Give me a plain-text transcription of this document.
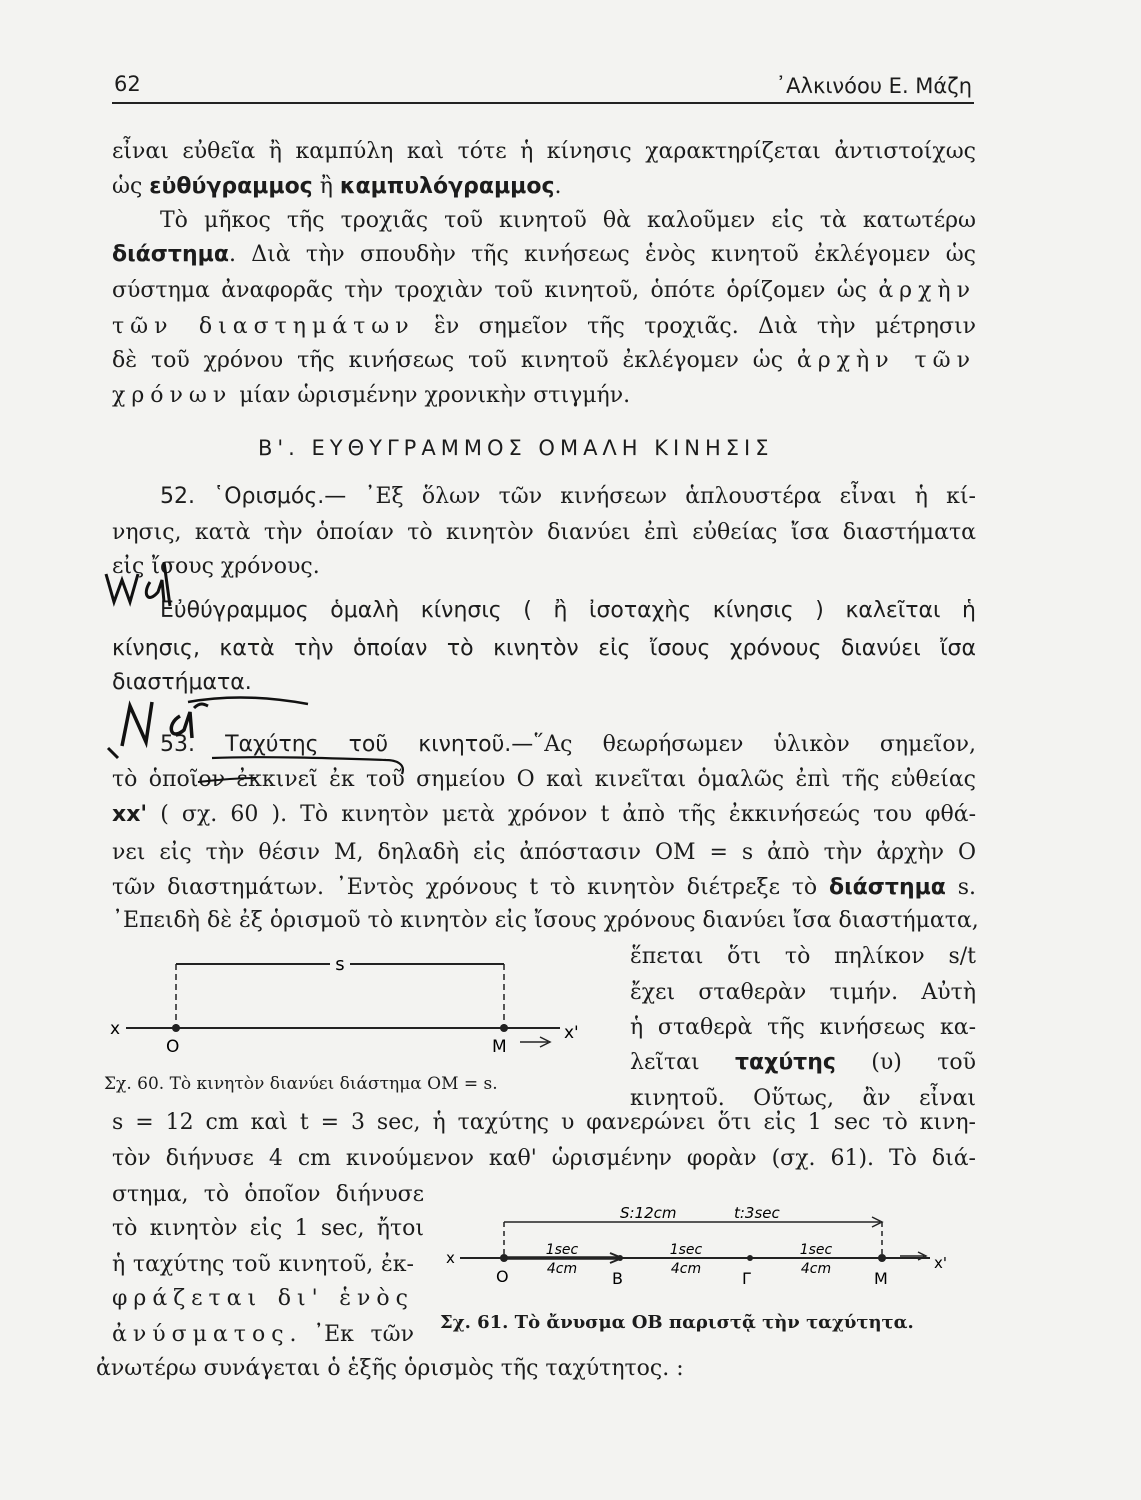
62	᾿Αλκινόου Ε. Μάζη
εἶναι εὐθεῖα ἢ καμπύλη καὶ τότε ἡ κίνησις χαρακτηρίζεται ἀντιστοίχως
ὡς εὐθύγραμμος ἢ καμπυλόγραμμος.
Τὸ μῆκος τῆς τροχιᾶς τοῦ κινητοῦ θὰ καλοῦμεν εἰς τὰ κατωτέρω
διάστημα. Διὰ τὴν σπουδὴν τῆς κινήσεως ἑνὸς κινητοῦ ἐκλέγομεν ὡς
σύστημα ἀναφορᾶς τὴν τροχιὰν τοῦ κινητοῦ, ὁπότε ὁρίζομεν ὡς ἀρχὴν
τῶν διαστημάτων ἓν σημεῖον τῆς τροχιᾶς. Διὰ τὴν μέτρησιν
δὲ τοῦ χρόνου τῆς κινήσεως τοῦ κινητοῦ ἐκλέγομεν ὡς ἀρχὴν τῶν
χρόνων μίαν ὡρισμένην χρονικὴν στιγμήν.
Β'. ΕΥΘΥΓΡΑΜΜΟΣ ΟΜΑΛΗ ΚΙΝΗΣΙΣ
52. ῾Ορισμός.— ᾿Εξ ὅλων τῶν κινήσεων ἁπλουστέρα εἶναι ἡ κί-
νησις, κατὰ τὴν ὁποίαν τὸ κινητὸν διανύει ἐπὶ εὐθείας ἴσα διαστήματα
εἰς ἴσους χρόνους.
Εὐθύγραμμος ὁμαλὴ κίνησις ( ἢ ἰσοταχὴς κίνησις ) καλεῖται ἡ
κίνησις, κατὰ τὴν ὁποίαν τὸ κινητὸν εἰς ἴσους χρόνους διανύει ἴσα
διαστήματα.
53. Ταχύτης τοῦ κινητοῦ.—῞Ας θεωρήσωμεν ὑλικὸν σημεῖον,
τὸ ὁποῖον ἐκκινεῖ ἐκ τοῦ σημείου Ο καὶ κινεῖται ὁμαλῶς ἐπὶ τῆς εὐθείας
xx' ( σχ. 60 ). Τὸ κινητὸν μετὰ χρόνον t ἀπὸ τῆς ἐκκινήσεώς του φθά-
νει εἰς τὴν θέσιν Μ, δηλαδὴ εἰς ἀπόστασιν ΟΜ = s ἀπὸ τὴν ἀρχὴν Ο
τῶν διαστημάτων. ᾿Εντὸς χρόνους t τὸ κινητὸν διέτρεξε τὸ διάστημα s.
᾿Επειδὴ δὲ ἐξ ὁρισμοῦ τὸ κινητὸν εἰς ἴσους χρόνους διανύει ἴσα διαστήματα,
ἕπεται ὅτι τὸ πηλίκον s/t
ἔχει σταθερὰν τιμήν. Αὐτὴ
ἡ σταθερὰ τῆς κινήσεως κα-
λεῖται ταχύτης (υ) τοῦ
κινητοῦ. Οὕτως, ἂν εἶναι
s
x	x'
O	M
Σχ. 60. Τὸ κινητὸν διανύει διάστημα ΟΜ = s.
s = 12 cm καὶ t = 3 sec, ἡ ταχύτης υ φανερώνει ὅτι εἰς 1 sec τὸ κινη-
τὸν διήνυσε 4 cm κινούμενον καθ' ὡρισμένην φορὰν (σχ. 61). Τὸ διά-
στημα, τὸ ὁποῖον διήνυσε
τὸ κινητὸν εἰς 1 sec, ἤτοι
ἡ ταχύτης τοῦ κινητοῦ, ἐκ-
φράζεται δι' ἑνὸς
ἀνύσματος. ᾿Εκ τῶν
S:12cm	t:3sec
1sec
4cm
1sec
4cm
1sec
4cm
x	x'
O	B	Γ	M
Σχ. 61. Τὸ ἄνυσμα ΟΒ παριστᾷ τὴν ταχύτητα.
ἀνωτέρω συνάγεται ὁ ἑξῆς ὁρισμὸς τῆς ταχύτητος. :
